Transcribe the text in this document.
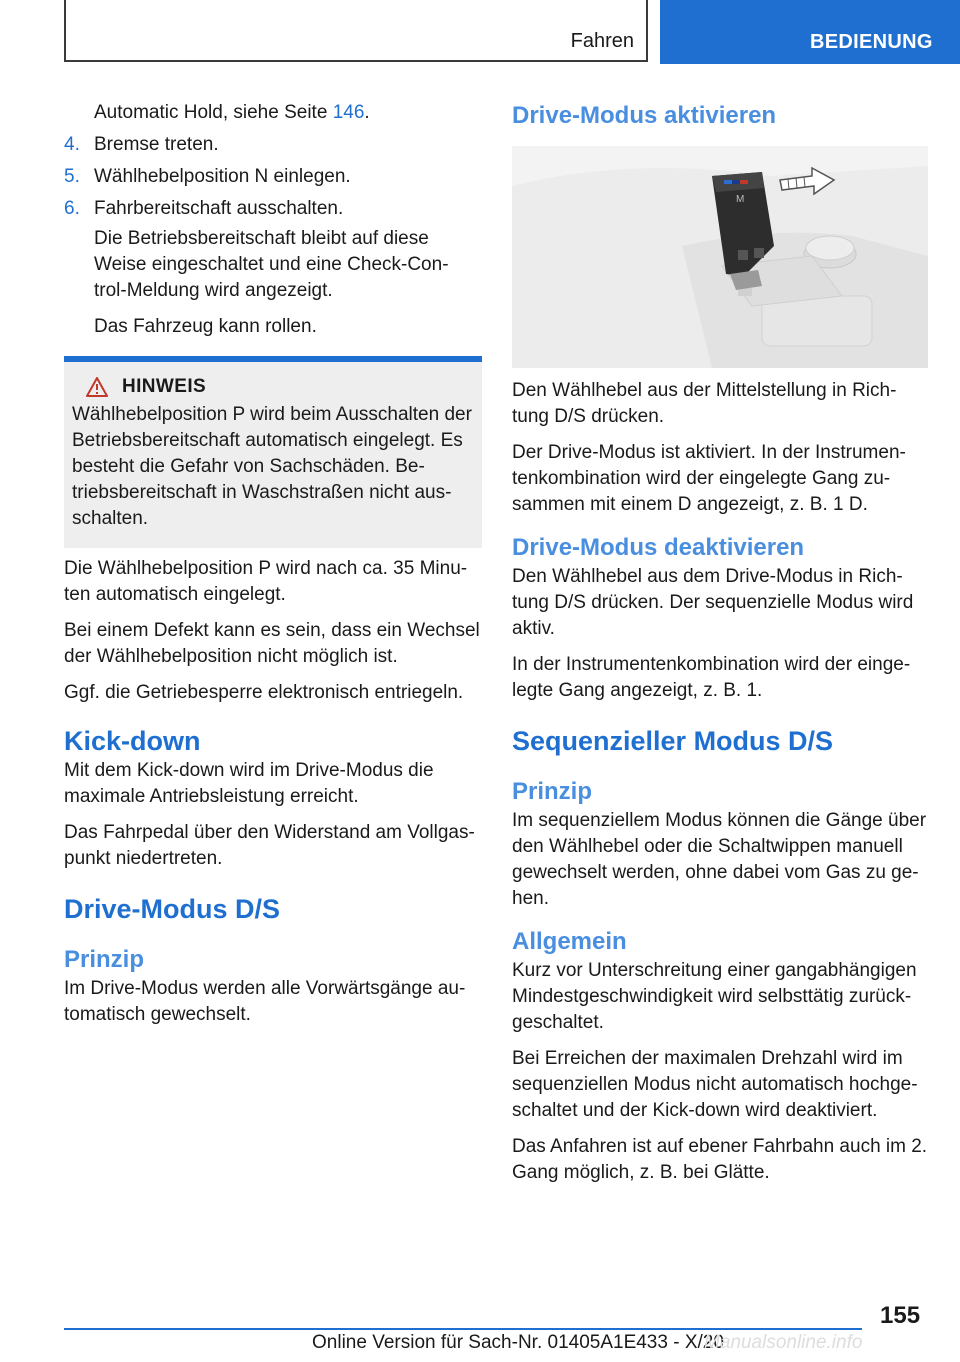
Fahren	BEDIENUNG

Automatic Hold, siehe Seite 146.

4. Bremse treten.

5. Wählhebelposition N einlegen.

6. Fahrbereitschaft ausschalten.

Die Betriebsbereitschaft bleibt auf diese Weise eingeschaltet und eine Check-Con- trol-Meldung wird angezeigt.

Das Fahrzeug kann rollen.

HINWEIS

Wählhebelposition P wird beim Ausschalten der Betriebsbereitschaft automatisch eingelegt. Es besteht die Gefahr von Sachschäden. Be- triebsbereitschaft in Waschstraßen nicht aus- schalten.

Die Wählhebelposition P wird nach ca. 35 Minu- ten automatisch eingelegt.

Bei einem Defekt kann es sein, dass ein Wechsel der Wählhebelposition nicht möglich ist.

Ggf. die Getriebesperre elektronisch entriegeln.

Kick-down

Mit dem Kick-down wird im Drive-Modus die maximale Antriebsleistung erreicht.

Das Fahrpedal über den Widerstand am Vollgas- punkt niedertreten.

Drive-Modus D/S
Prinzip

Im Drive-Modus werden alle Vorwärtsgänge au- tomatisch gewechselt.

Drive-Modus aktivieren
M

Den Wählhebel aus der Mittelstellung in Rich- tung D/S drücken.

Der Drive-Modus ist aktiviert. In der Instrumen- tenkombination wird der eingelegte Gang zu- sammen mit einem D angezeigt, z. B. 1 D.

Drive-Modus deaktivieren

Den Wählhebel aus dem Drive-Modus in Rich- tung D/S drücken. Der sequenzielle Modus wird aktiv.

In der Instrumentenkombination wird der einge- legte Gang angezeigt, z. B. 1.

Sequenzieller Modus D/S
Prinzip

Im sequenziellem Modus können die Gänge über den Wählhebel oder die Schaltwippen manuell gewechselt werden, ohne dabei vom Gas zu ge- hen.

Allgemein

Kurz vor Unterschreitung einer gangabhängigen Mindestgeschwindigkeit wird selbsttätig zurück- geschaltet.

Bei Erreichen der maximalen Drehzahl wird im sequenziellen Modus nicht automatisch hochge- schaltet und der Kick-down wird deaktiviert.

Das Anfahren ist auf ebener Fahrbahn auch im 2. Gang möglich, z. B. bei Glätte.

155
Online Version für Sach-Nr. 01405A1E433 - X/20
Manualsonline.info
